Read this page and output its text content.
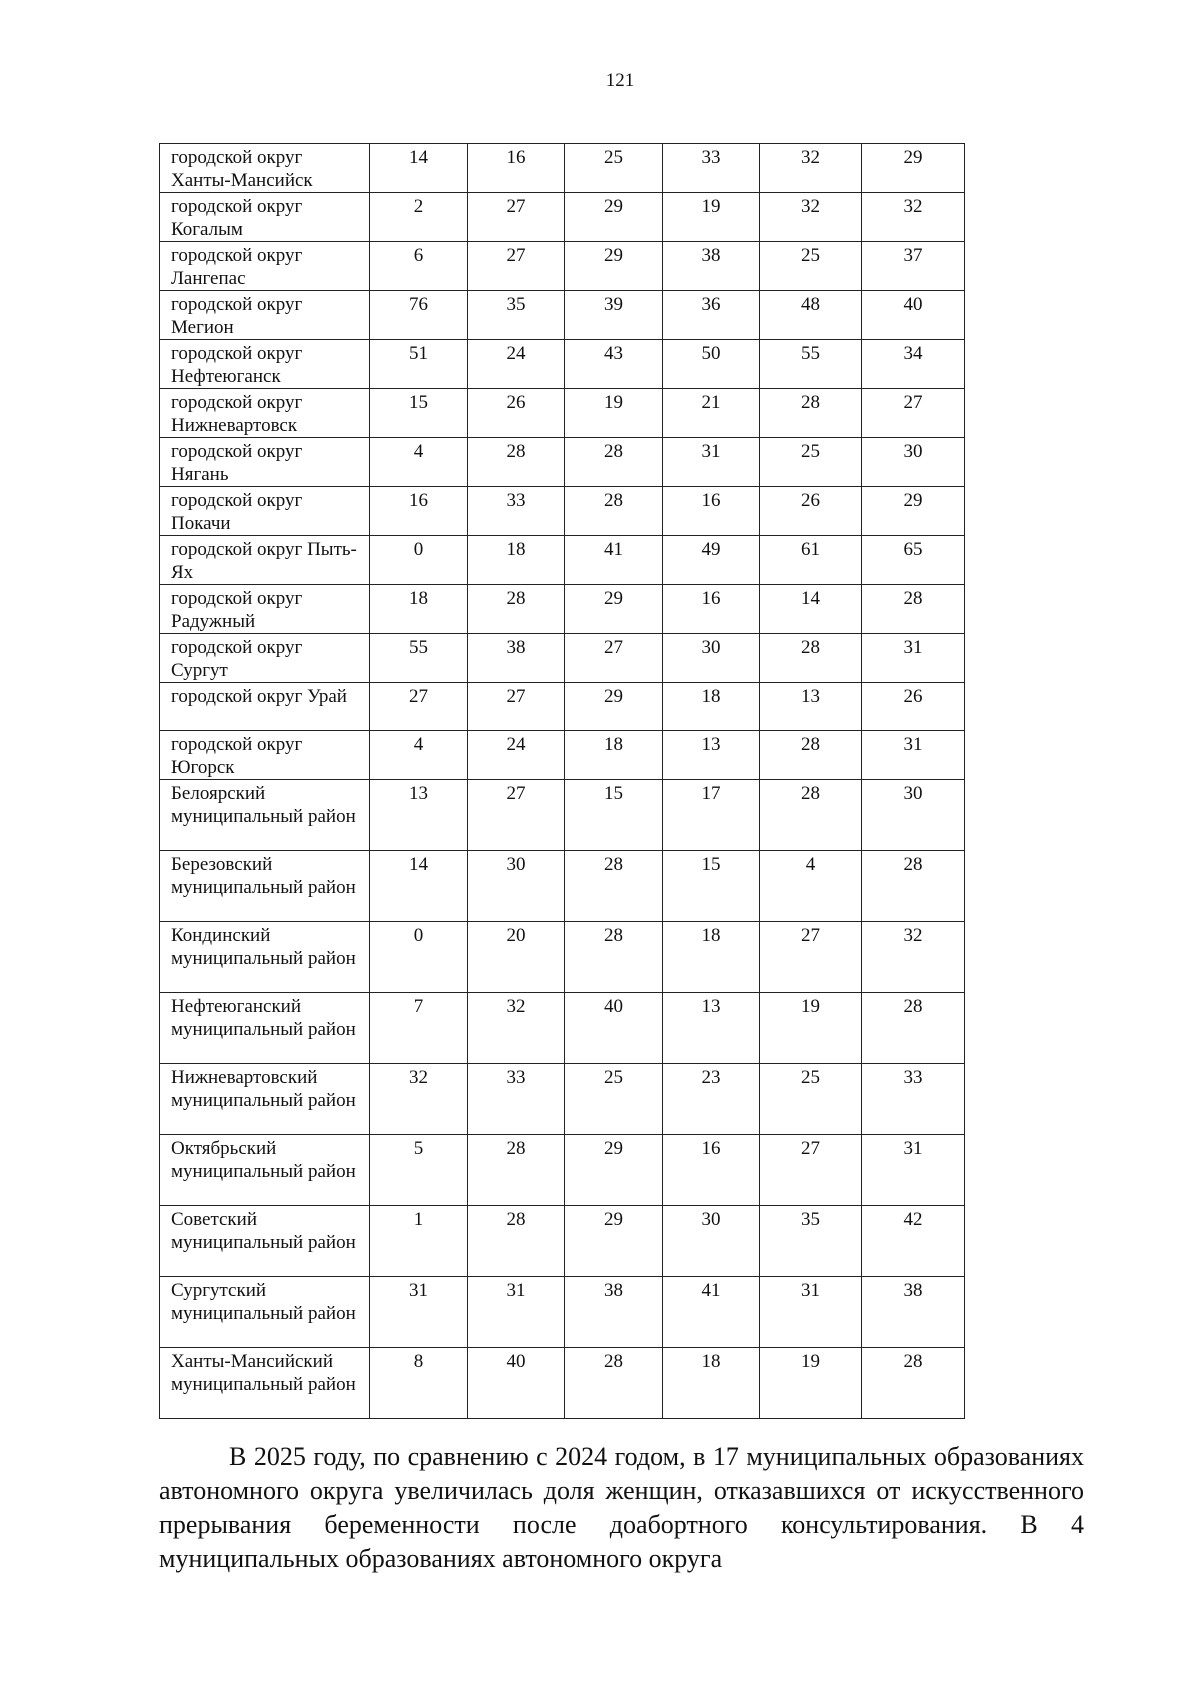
121
городской округ Ханты-Мансийск	14	16	25	33	32	29
городской округ Когалым	2	27	29	19	32	32
городской округ Лангепас	6	27	29	38	25	37
городской округ Мегион	76	35	39	36	48	40
городской округ Нефтеюганск	51	24	43	50	55	34
городской округ Нижневартовск	15	26	19	21	28	27
городской округ Нягань	4	28	28	31	25	30
городской округ Покачи	16	33	28	16	26	29
городской округ Пыть-Ях	0	18	41	49	61	65
городской округ Радужный	18	28	29	16	14	28
городской округ Сургут	55	38	27	30	28	31
городской округ Урай	27	27	29	18	13	26
городской округ Югорск	4	24	18	13	28	31
Белоярский муниципальный район	13	27	15	17	28	30
Березовский муниципальный район	14	30	28	15	4	28
Кондинский муниципальный район	0	20	28	18	27	32
Нефтеюганский муниципальный район	7	32	40	13	19	28
Нижневартовский муниципальный район	32	33	25	23	25	33
Октябрьский муниципальный район	5	28	29	16	27	31
Советский муниципальный район	1	28	29	30	35	42
Сургутский муниципальный район	31	31	38	41	31	38
Ханты-Мансийский муниципальный район	8	40	28	18	19	28

В 2025 году, по сравнению с 2024 годом, в 17 муниципальных образованиях автономного округа увеличилась доля женщин, отказавшихся от искусственного прерывания беременности после доабортного консультирования. В 4 муниципальных образованиях автономного округа
